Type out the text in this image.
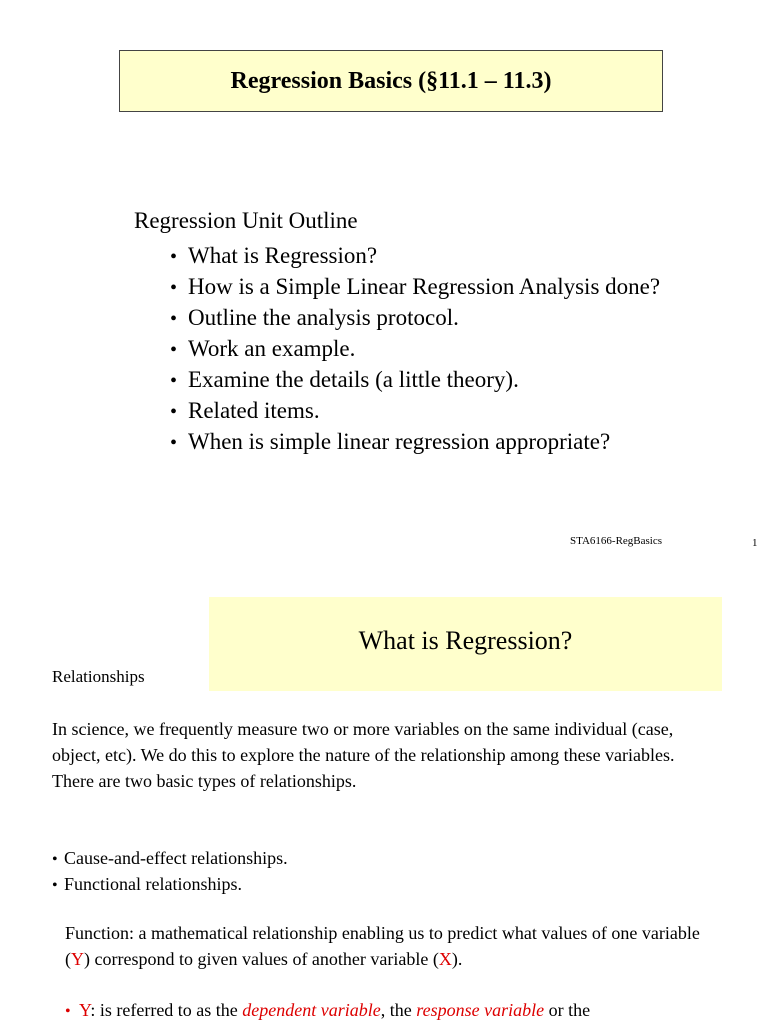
Regression Basics (§11.1 – 11.3)
Regression Unit Outline
• What is Regression?
• How is a Simple Linear Regression Analysis done?
• Outline the analysis protocol.
• Work an example.
• Examine the details (a little theory).
• Related items.
• When is simple linear regression appropriate?
STA6166-RegBasics	1
What is Regression?
Relationships

In science, we frequently measure two or more variables on the same individual (case, object, etc). We do this to explore the nature of the relationship among these variables. There are two basic types of relationships.

• Cause-and-effect relationships.
• Functional relationships.

Function: a mathematical relationship enabling us to predict what values of one variable (Y) correspond to given values of another variable (X).

• Y: is referred to as the dependent variable, the response variable or the
